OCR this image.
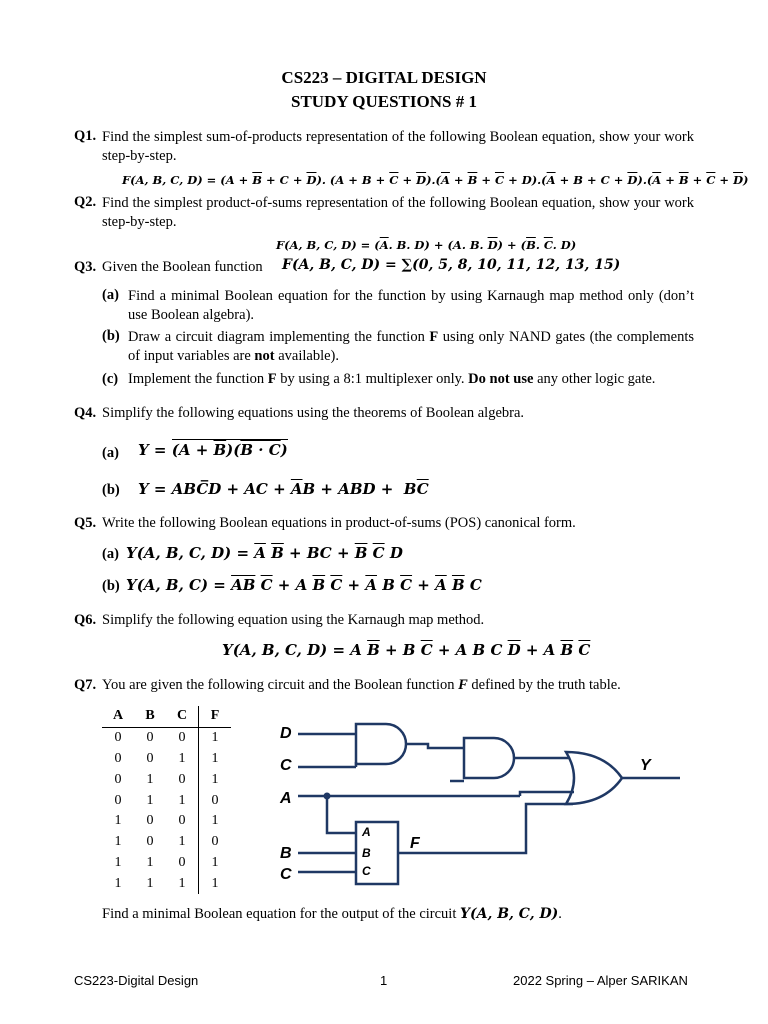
CS223 – DIGITAL DESIGN
STUDY QUESTIONS # 1
Q1. Find the simplest sum-of-products representation of the following Boolean equation, show your work step-by-step.
F(A, B, C, $D) = (A + \overline{B} + C + \overline{D})$. $(A + B + \overline{C} + \overline{D}).(\overline{A} + \overline{B} + \overline{C} + D).(\overline{A} + B + C + \overline{D}).(\overline{A} + \overline{B} + \overline{C} + \overline{D})$
Q2. Find the simplest product-of-sums representation of the following Boolean equation, show your work step-by-step.
F(A, B, C, $D) = (\overline{A}$. B. D) + (A. B. $\overline{D}) + (\overline{B}$. $\overline{C}$. D)
Q3. Given the Boolean function F(A, B, C, D) = ∑(0, 5, 8, 10, 11, 12, 13, 15)
(a) Find a minimal Boolean equation for the function by using Karnaugh map method only (don’t use Boolean algebra).
(b) Draw a circuit diagram implementing the function F using only NAND gates (the complements of input variables are not available).
(c) Implement the function F by using a 8:1 multiplexer only. Do not use any other logic gate.
Q4. Simplify the following equations using the theorems of Boolean algebra.
(a) $Y = (A + \overline{B})(B \cdot C)$
(b) Y = ABC̅D + AC + $\overline{A}B$ + ABD +  $B\overline{C}$
Q5. Write the following Boolean equations in product-of-sums (POS) canonical form.
(a) Y(A, B, C, $D) = \overline{A}$ $\overline{B}$ + BC + $\overline{B}$ $\overline{C}$ D
(b) Y(A, B, $C) = \overline{AB}$ $\overline{C} + A$ $\overline{B}$ $\overline{C} + \overline{A}$ B $\overline{C} + \overline{A}$ $\overline{B}$ C
Q6. Simplify the following equation using the Karnaugh map method.
Y(A, B, C, D) = A $\overline{B} + B$ $\overline{C} + A$ B C $\overline{D} + A$ $\overline{B}$ $\overline{C}$
Q7. You are given the following circuit and the Boolean function F defined by the truth table.
A	B	C	F
0	0	0	1
0	0	1	1
0	1	0	1
0	1	1	0
1	0	0	1
1	0	1	0
1	1	0	1
1	1	1	1
D
C
A
B
C
Y
A
B
C
F
Find a minimal Boolean equation for the output of the circuit Y(A, B, C, D).
CS223-Digital Design	1	2022 Spring – Alper SARIKAN
